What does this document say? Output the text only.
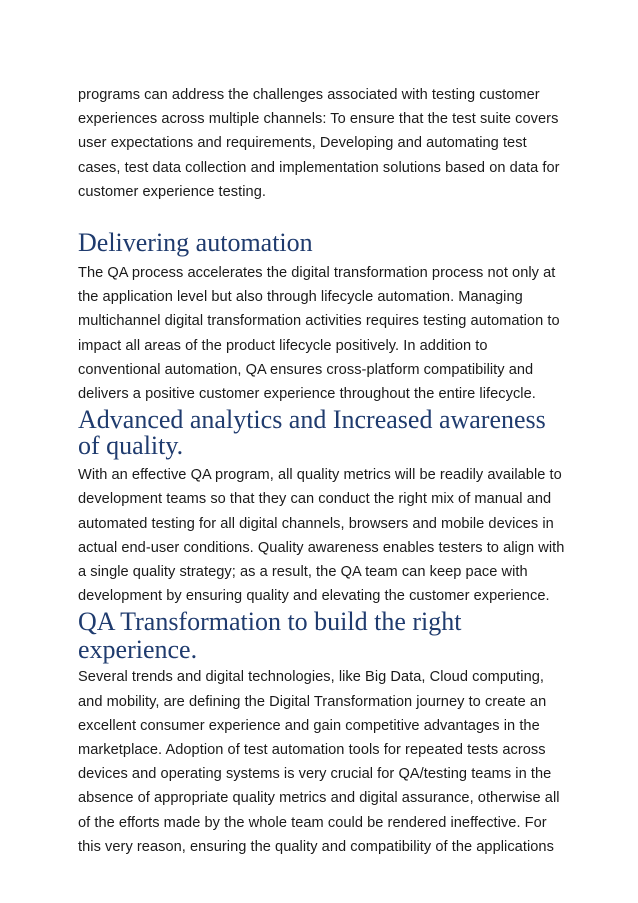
programs can address the challenges associated with testing customer experiences across multiple channels: To ensure that the test suite covers user expectations and requirements, Developing and automating test cases, test data collection and implementation solutions based on data for customer experience testing.

Delivering automation

The QA process accelerates the digital transformation process not only at the application level but also through lifecycle automation. Managing multichannel digital transformation activities requires testing automation to impact all areas of the product lifecycle positively. In addition to conventional automation, QA ensures cross-platform compatibility and delivers a positive customer experience throughout the entire lifecycle.

Advanced analytics and Increased awareness of quality.

With an effective QA program, all quality metrics will be readily available to development teams so that they can conduct the right mix of manual and automated testing for all digital channels, browsers and mobile devices in actual end-user conditions. Quality awareness enables testers to align with a single quality strategy; as a result, the QA team can keep pace with development by ensuring quality and elevating the customer experience.

QA Transformation to build the right experience.

Several trends and digital technologies, like Big Data, Cloud computing, and mobility, are defining the Digital Transformation journey to create an excellent consumer experience and gain competitive advantages in the marketplace. Adoption of test automation tools for repeated tests across devices and operating systems is very crucial for QA/testing teams in the absence of appropriate quality metrics and digital assurance, otherwise all of the efforts made by the whole team could be rendered ineffective. For this very reason, ensuring the quality and compatibility of the applications
